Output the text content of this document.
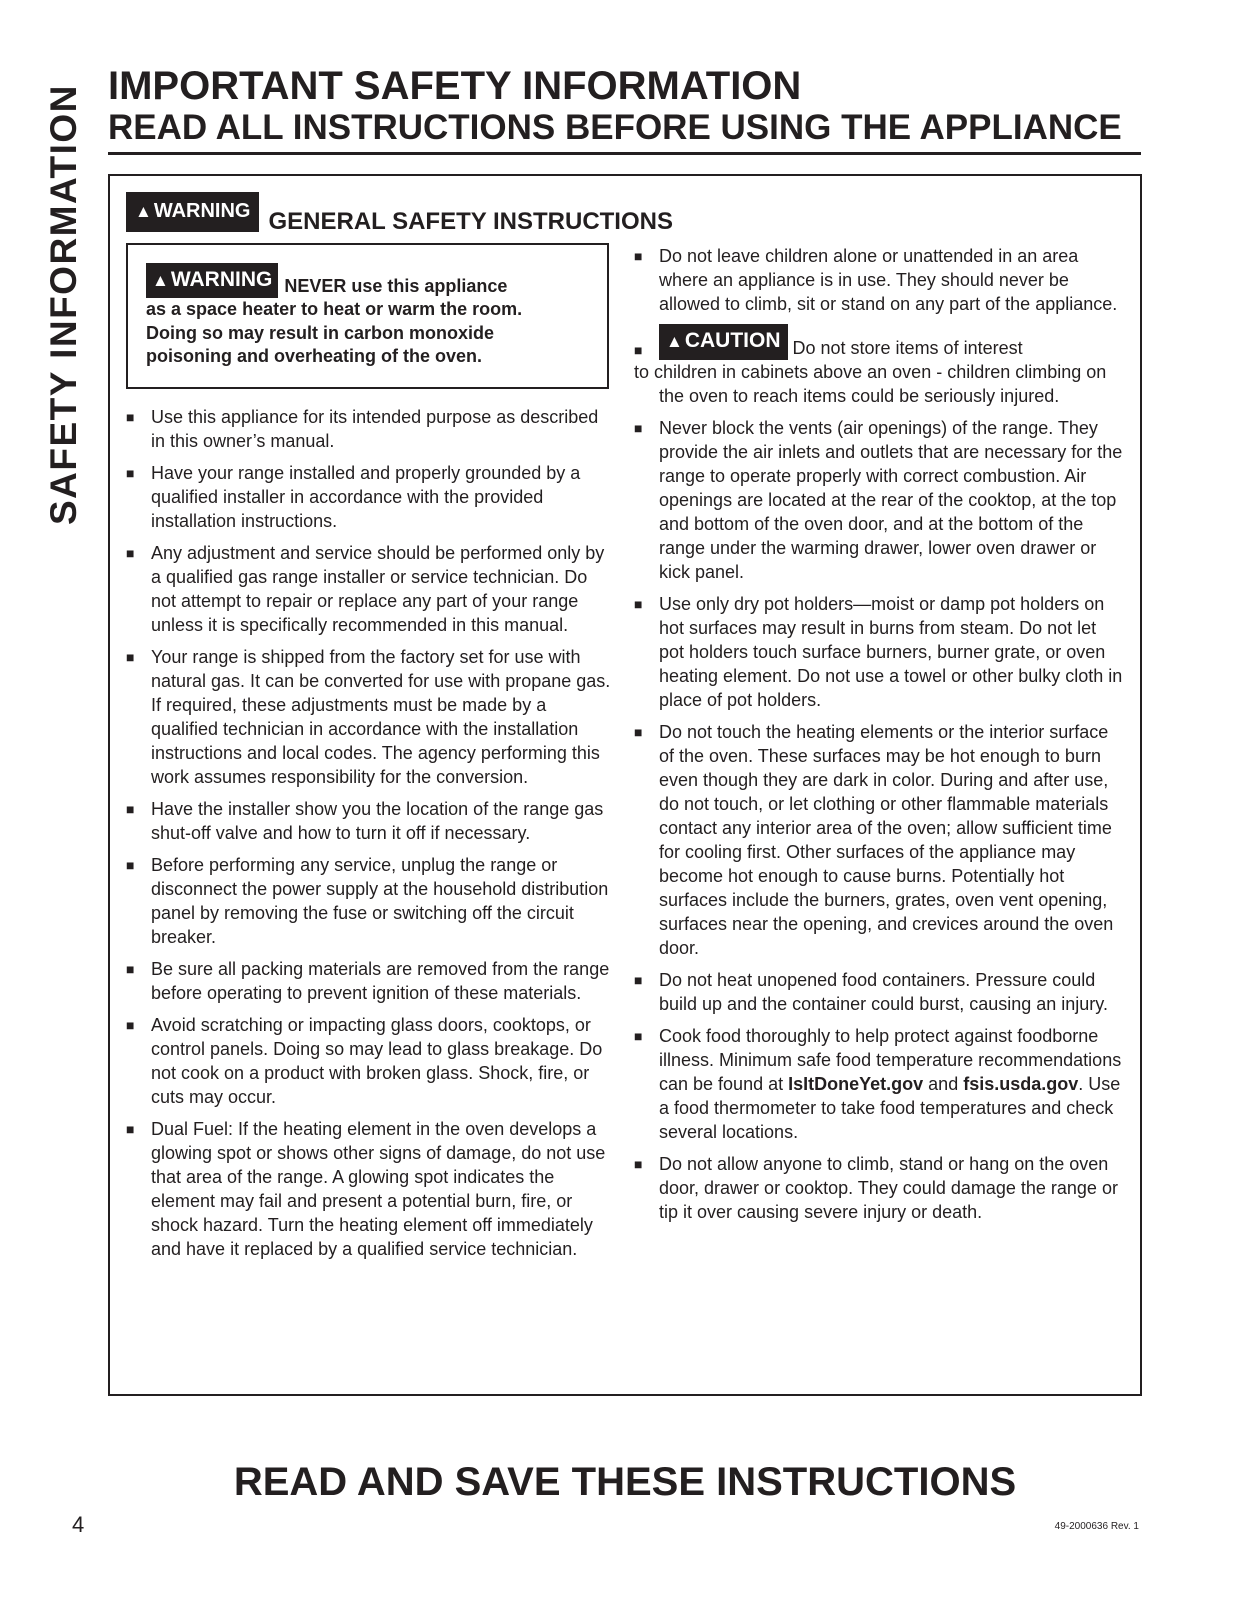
SAFETY INFORMATION IMPORTANT SAFETY INFORMATION
READ ALL INSTRUCTIONS BEFORE USING THE APPLIANCE
▲ WARNING GENERAL SAFETY INSTRUCTIONS
▲WARNING NEVER use this appliance
as a space heater to heat or warm the room.
Doing so may result in carbon monoxide
poisoning and overheating of the oven.
■ Use this appliance for its intended purpose as described in this owner’s manual.
■ Have your range installed and properly grounded by a qualified installer in accordance with the provided installation instructions.
■ Any adjustment and service should be performed only by a qualified gas range installer or service technician. Do not attempt to repair or replace any part of your range unless it is specifically recommended in this manual.
■ Your range is shipped from the factory set for use with natural gas. It can be converted for use with propane gas. If required, these adjustments must be made by a qualified technician in accordance with the installation instructions and local codes. The agency performing this work assumes responsibility for the conversion.
■ Have the installer show you the location of the range gas shut-off valve and how to turn it off if necessary.
■ Before performing any service, unplug the range or disconnect the power supply at the household distribution panel by removing the fuse or switching off the circuit breaker.
■ Be sure all packing materials are removed from the range before operating to prevent ignition of these materials.
■ Avoid scratching or impacting glass doors, cooktops, or control panels. Doing so may lead to glass breakage. Do not cook on a product with broken glass. Shock, fire, or cuts may occur.
■ Dual Fuel: If the heating element in the oven develops a glowing spot or shows other signs of damage, do not use that area of the range. A glowing spot indicates the element may fail and present a potential burn, fire, or shock hazard. Turn the heating element off immediately and have it replaced by a qualified service technician.
■ Do not leave children alone or unattended in an area where an appliance is in use. They should never be allowed to climb, sit or stand on any part of the appliance.
■	▲CAUTION Do not store items of interest
to children in cabinets above an oven - children climbing on the oven to reach items could be seriously injured.
■ Never block the vents (air openings) of the range. They provide the air inlets and outlets that are necessary for the range to operate properly with correct combustion. Air openings are located at the rear of the cooktop, at the top and bottom of the oven door, and at the bottom of the range under the warming drawer, lower oven drawer or kick panel.
■ Use only dry pot holders—moist or damp pot holders on hot surfaces may result in burns from steam. Do not let pot holders touch surface burners, burner grate, or oven heating element. Do not use a towel or other bulky cloth in place of pot holders.
■ Do not touch the heating elements or the interior surface of the oven. These surfaces may be hot enough to burn even though they are dark in color. During and after use, do not touch, or let clothing or other flammable materials contact any interior area of the oven; allow sufficient time for cooling first. Other surfaces of the appliance may become hot enough to cause burns. Potentially hot surfaces include the burners, grates, oven vent opening, surfaces near the opening, and crevices around the oven door.
■ Do not heat unopened food containers. Pressure could build up and the container could burst, causing an injury.
■ Cook food thoroughly to help protect against foodborne illness. Minimum safe food temperature recommendations can be found at IsItDoneYet.gov and fsis.usda.gov. Use a food thermometer to take food temperatures and check several locations.
■ Do not allow anyone to climb, stand or hang on the oven door, drawer or cooktop. They could damage the range or tip it over causing severe injury or death.
READ AND SAVE THESE INSTRUCTIONS
4	49-2000636 Rev. 1
